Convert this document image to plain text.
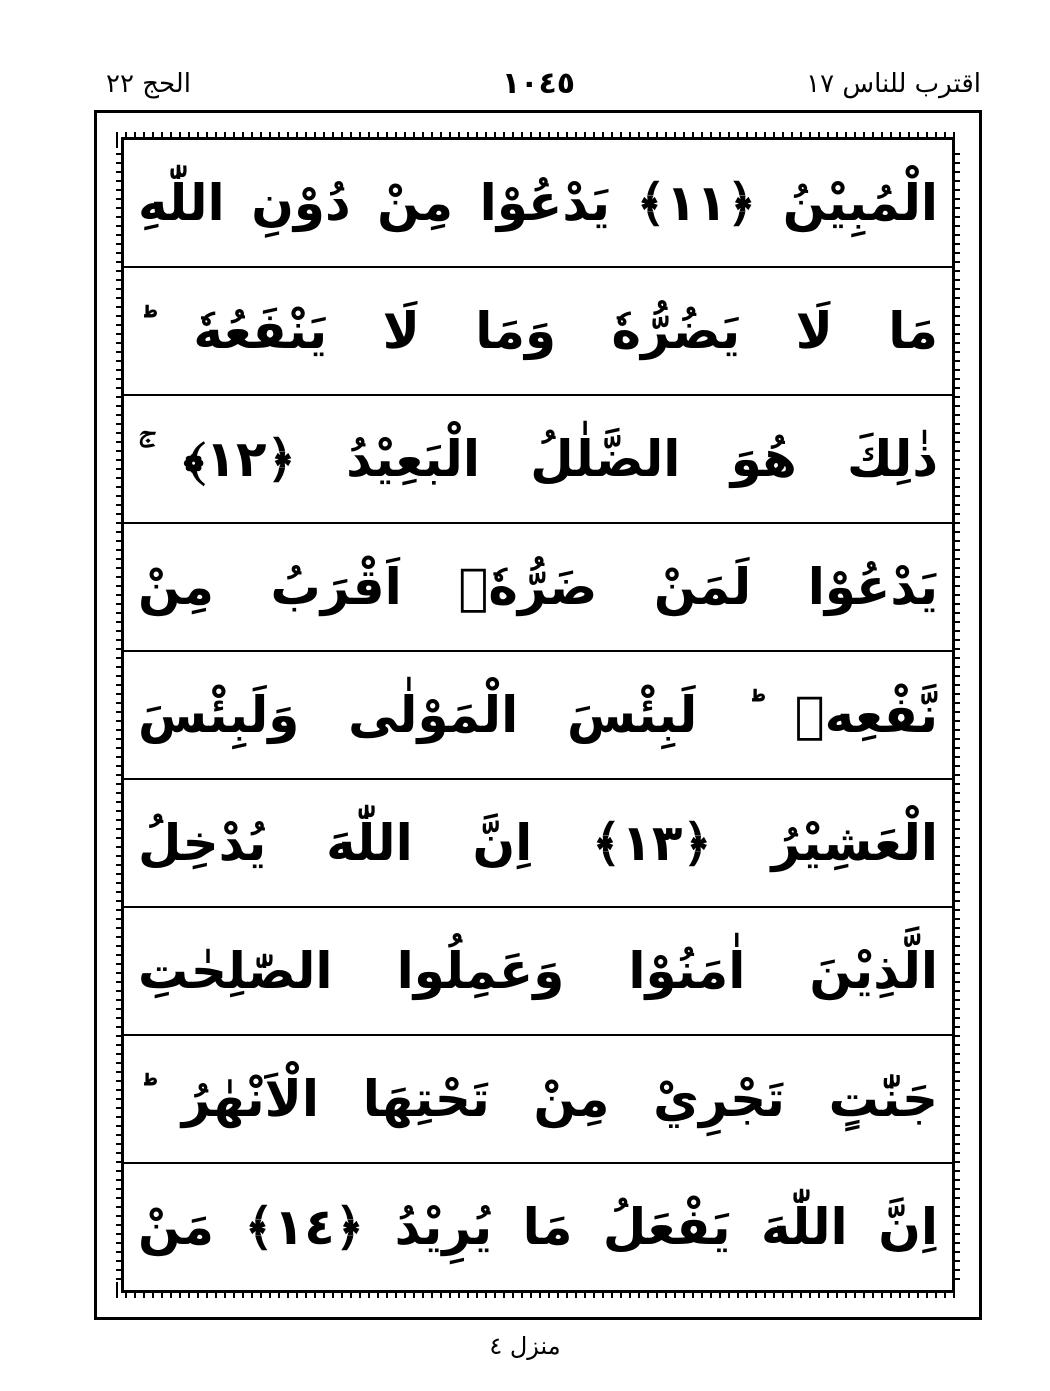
اقترب للناس ١٧
١٠٤٥
الحج ٢٢
الْمُبِيْنُ ﴿١١﴾ يَدْعُوْا مِنْ دُوْنِ اللّٰهِ
مَا لَا يَضُرُّهٗ وَمَا لَا يَنْفَعُهٗ ؕ
ذٰلِكَ هُوَ الضَّلٰلُ الْبَعِيْدُ ﴿١٢﴾ ۚ
يَدْعُوْا لَمَنْ ضَرُّهٗۤ اَقْرَبُ مِنْ
نَّفْعِهٖ ؕ لَبِئْسَ الْمَوْلٰى وَلَبِئْسَ
الْعَشِيْرُ ﴿١٣﴾ اِنَّ اللّٰهَ يُدْخِلُ
الَّذِيْنَ اٰمَنُوْا وَعَمِلُوا الصّٰلِحٰتِ
جَنّٰتٍ تَجْرِيْ مِنْ تَحْتِهَا الْاَنْهٰرُ ؕ
اِنَّ اللّٰهَ يَفْعَلُ مَا يُرِيْدُ ﴿١٤﴾ مَنْ
منزل ٤
